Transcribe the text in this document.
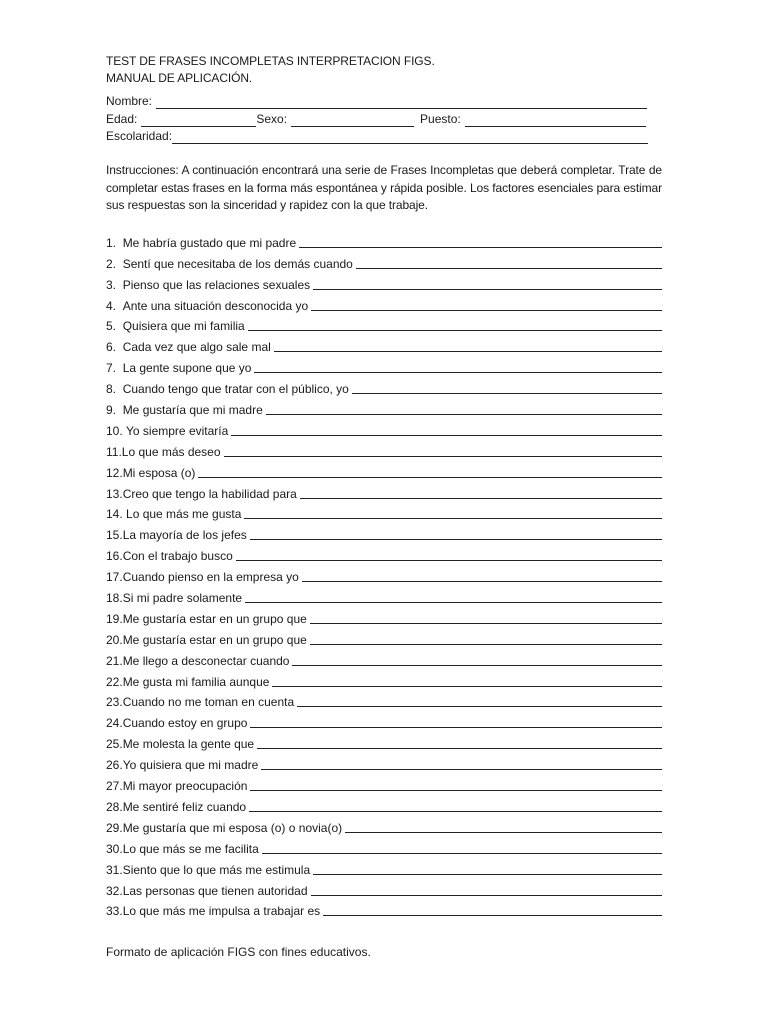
TEST DE FRASES INCOMPLETAS INTERPRETACION FIGS.
MANUAL DE APLICACIÓN.
Nombre:
Edad:	Sexo:	Puesto:
Escolaridad:
Instrucciones: A continuación encontrará una serie de Frases Incompletas que deberá completar. Trate de completar estas frases en la forma más espontánea y rápida posible. Los factores esenciales para estimar sus respuestas son la sinceridad y rapidez con la que trabaje.
1. Me habría gustado que mi padre
2. Sentí que necesitaba de los demás cuando
3. Pienso que las relaciones sexuales
4. Ante una situación desconocida yo
5. Quisiera que mi familia
6. Cada vez que algo sale mal
7. La gente supone que yo
8. Cuando tengo que tratar con el público, yo
9. Me gustaría que mi madre
10. Yo siempre evitaría
11. Lo que más deseo
12. Mi esposa (o)
13. Creo que tengo la habilidad para
14. Lo que más me gusta
15. La mayoría de los jefes
16. Con el trabajo busco
17. Cuando pienso en la empresa yo
18. Si mi padre solamente
19. Me gustaría estar en un grupo que
20. Me gustaría estar en un grupo que
21. Me llego a desconectar cuando
22. Me gusta mi familia aunque
23. Cuando no me toman en cuenta
24. Cuando estoy en grupo
25. Me molesta la gente que
26. Yo quisiera que mi madre
27. Mi mayor preocupación
28. Me sentiré feliz cuando
29. Me gustaría que mi esposa (o) o novia(o)
30. Lo que más se me facilita
31. Siento que lo que más me estimula
32. Las personas que tienen autoridad
33. Lo que más me impulsa a trabajar es
Formato de aplicación FIGS con fines educativos.
